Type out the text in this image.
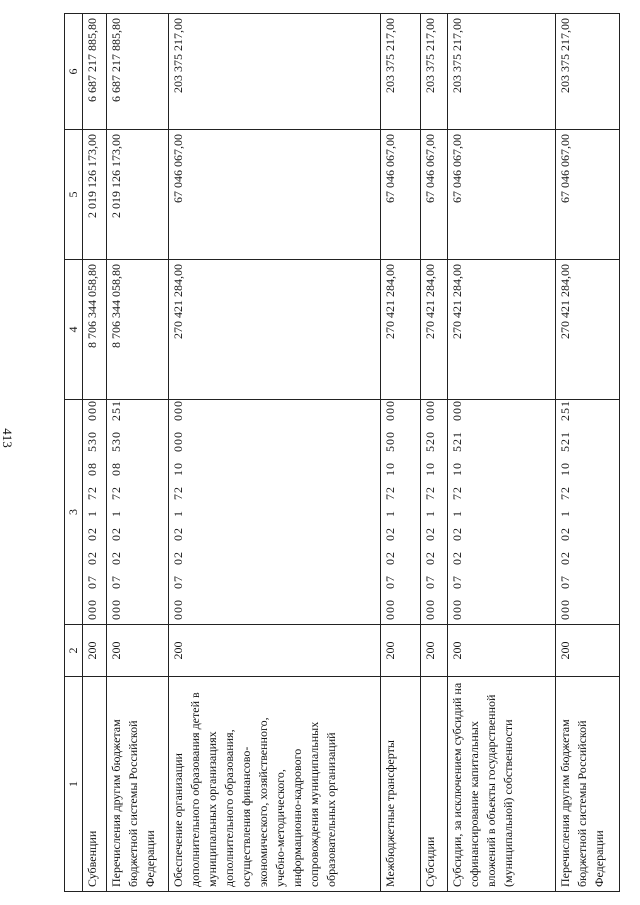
413
1	2	3	4	5	6
Субвенции	200	000 07 02 02 1 72 08 530 000	8 706 344 058,80	2 019 126 173,00	6 687 217 885,80
Перечисления другим бюджетам бюджетной системы Российской Федерации	200	000 07 02 02 1 72 08 530 251	8 706 344 058,80	2 019 126 173,00	6 687 217 885,80
Обеспечение организации дополнительного образования детей в муниципальных организациях дополнительного образования, осуществления финансово-экономического, хозяйственного, учебно-методического, информационно-кадрового сопровождения муниципальных образовательных организаций	200	000 07 02 02 1 72 10 000 000	270 421 284,00	67 046 067,00	203 375 217,00
Межбюджетные трансферты	200	000 07 02 02 1 72 10 500 000	270 421 284,00	67 046 067,00	203 375 217,00
Субсидии	200	000 07 02 02 1 72 10 520 000	270 421 284,00	67 046 067,00	203 375 217,00
Субсидии, за исключением субсидий на софинансирование капитальных вложений в объекты государственной (муниципальной) собственности	200	000 07 02 02 1 72 10 521 000	270 421 284,00	67 046 067,00	203 375 217,00
Перечисления другим бюджетам бюджетной системы Российской Федерации	200	000 07 02 02 1 72 10 521 251	270 421 284,00	67 046 067,00	203 375 217,00
